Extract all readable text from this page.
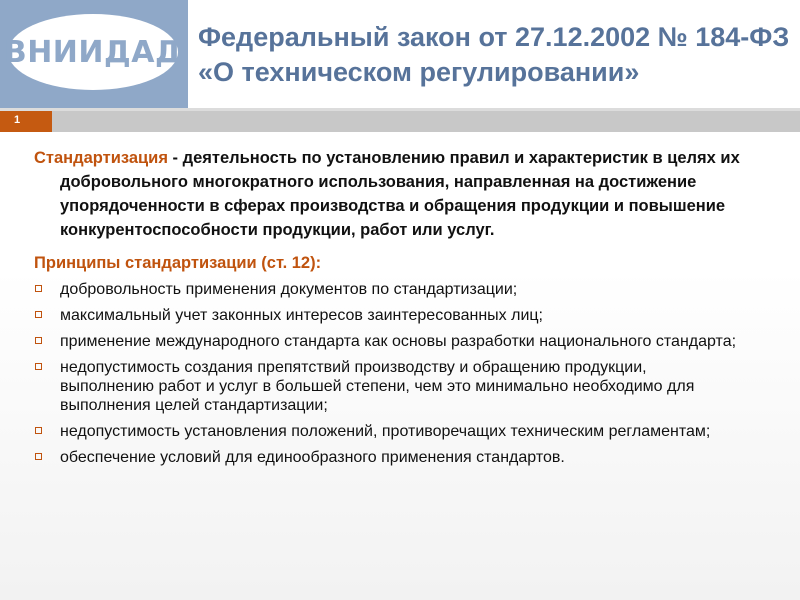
ВНИИДАД Федеральный закон от 27.12.2002 № 184-ФЗ «О техническом регулировании»
1
Стандартизация - деятельность по установлению правил и характеристик в целях их добровольного многократного использования, направленная на достижение упорядоченности в сферах производства и обращения продукции и повышение конкурентоспособности продукции, работ или услуг.
Принципы стандартизации (ст. 12):
добровольность применения документов по стандартизации;
максимальный учет законных интересов заинтересованных лиц;
применение международного стандарта как основы разработки национального стандарта;
недопустимость создания препятствий производству и обращению продукции, выполнению работ и услуг в большей степени, чем это минимально необходимо для выполнения целей стандартизации;
недопустимость установления положений, противоречащих техническим регламентам;
обеспечение условий для единообразного применения стандартов.
